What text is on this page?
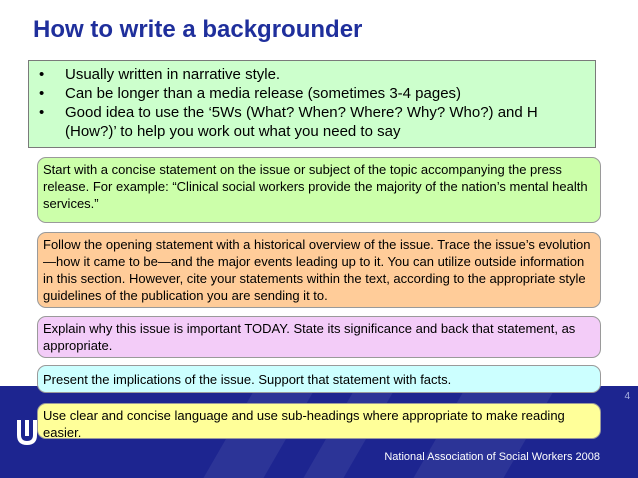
How to write a backgrounder
• Usually written in narrative style.
• Can be longer than a media release (sometimes 3-4 pages)
• Good idea to use the ‘5Ws (What? When? Where? Why? Who?) and H (How?)’ to help you work out what you need to say
Start with a concise statement on the issue or subject of the topic accompanying the press release. For example: “Clinical social workers provide the majority of the nation’s mental health services.”
Follow the opening statement with a historical overview of the issue. Trace the issue’s evolution—how it came to be—and the major events leading up to it. You can utilize outside information in this section. However, cite your statements within the text, according to the appropriate style guidelines of the publication you are sending it to.
Explain why this issue is important TODAY. State its significance and back that statement, as appropriate.
Present the implications of the issue. Support that statement with facts.
Use clear and concise language and use sub-headings where appropriate to make reading easier.
4
National Association of Social Workers 2008
